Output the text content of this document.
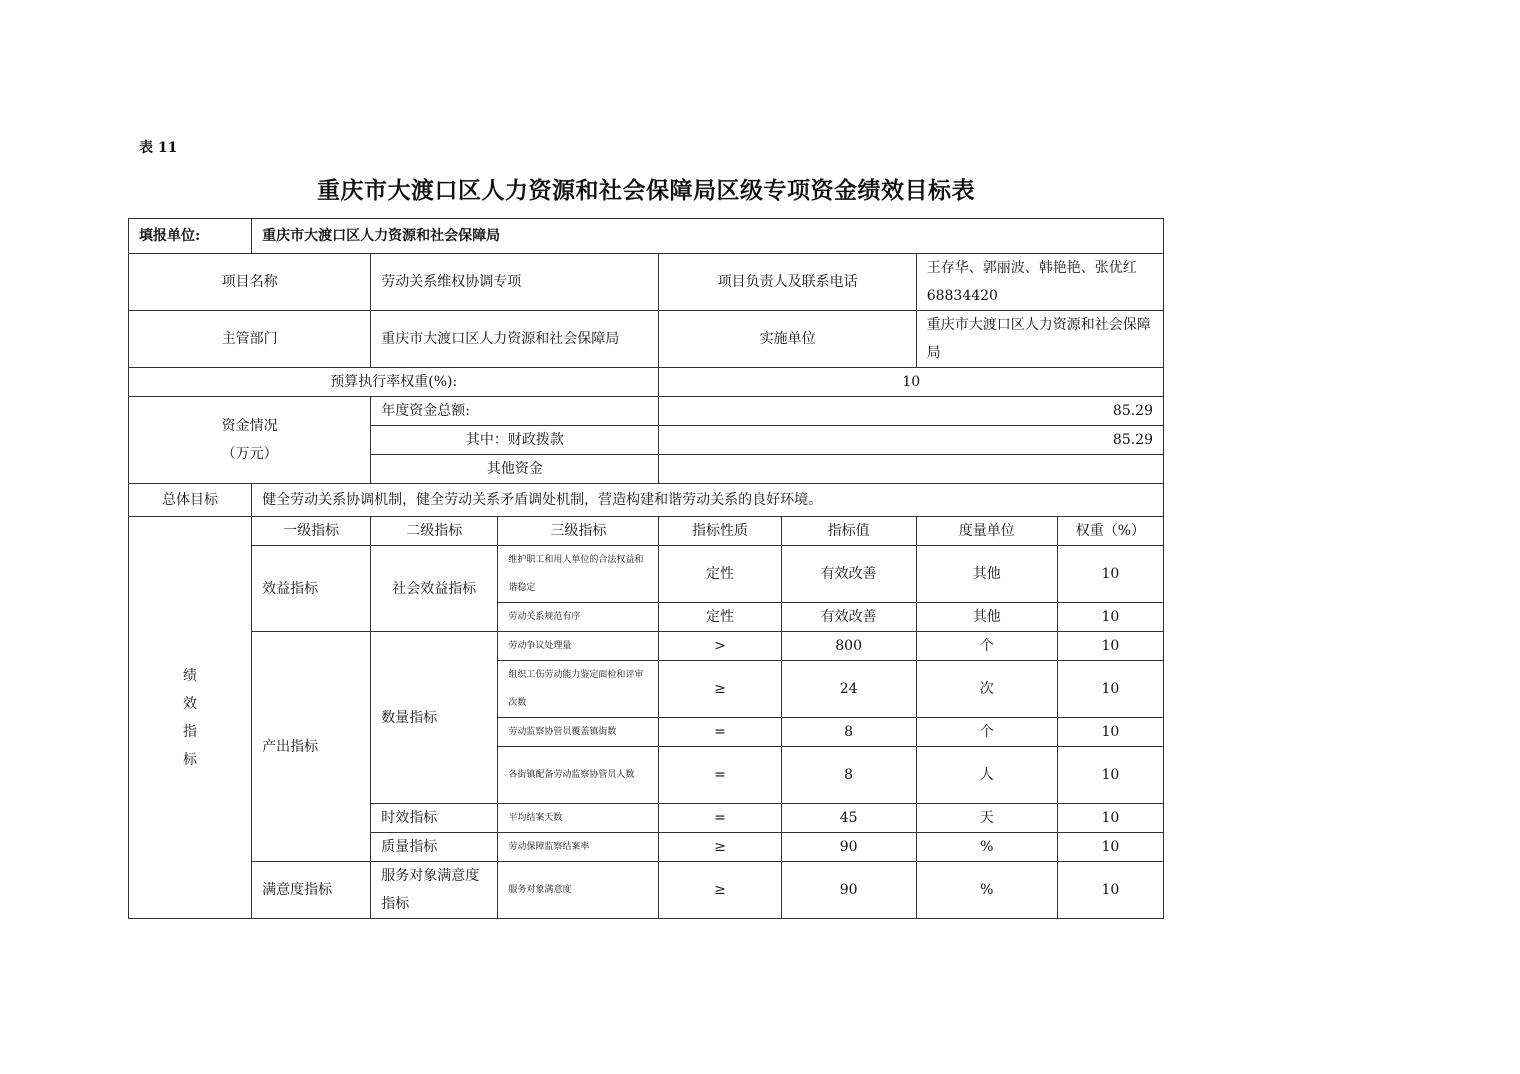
表 11
重庆市大渡口区人力资源和社会保障局区级专项资金绩效目标表
填报单位:	重庆市大渡口区人力资源和社会保障局						
项目名称		劳动关系维权协调专项		项目负责人及联系电话		王存华、郭丽波、韩艳艳、张优红 68834420	
主管部门		重庆市大渡口区人力资源和社会保障局		实施单位		重庆市大渡口区人力资源和社会保障局	
预算执行率权重(%):				10			

资金情况
（万元）		年度资金总额:		85.29			
		其中：财政拨款		85.29			
		其他资金					
总体目标	健全劳动关系协调机制，健全劳动关系矛盾调处机制，营造构建和谐劳动关系的良好环境。						

绩
效
指
标	一级指标	二级指标	三级指标	指标性质	指标值	度量单位	权重（%）
	效益指标	社会效益指标	维护职工和用人单位的合法权益和谐稳定	定性	有效改善	其他	10
			劳动关系规范有序	定性	有效改善	其他	10
	产出指标	数量指标	劳动争议处理量	>	800	个	10
			组织工伤劳动能力鉴定面检和评审次数	≥	24	次	10
			劳动监察协管员覆盖镇街数	=	8	个	10
			各街镇配备劳动监察协管员人数	=	8	人	10
		时效指标	平均结案天数	=	45	天	10
		质量指标	劳动保障监察结案率	≥	90	%	10
	满意度指标	服务对象满意度指标	服务对象满意度	≥	90	%	10
